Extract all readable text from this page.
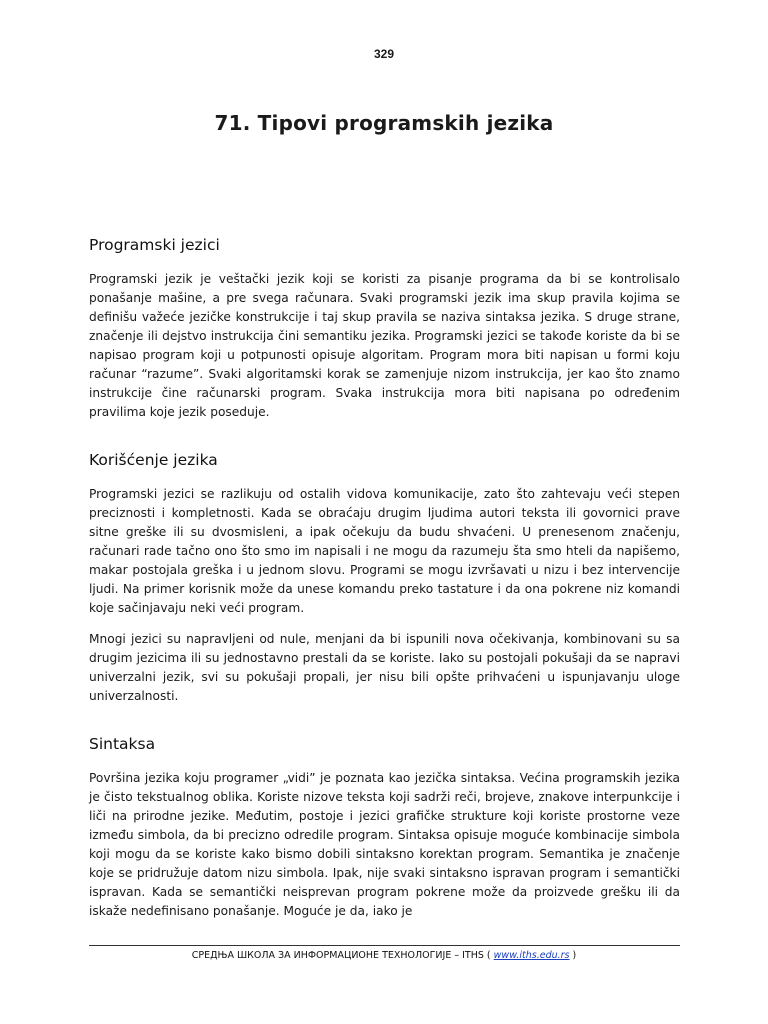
329
71. Tipovi programskih jezika
Programski jezici

Programski jezik je veštački jezik koji se koristi za pisanje programa da bi se kontrolisalo ponašanje mašine, a pre svega računara. Svaki programski jezik ima skup pravila kojima se definišu važeće jezičke konstrukcije i taj skup pravila se naziva sintaksa jezika. S druge strane, značenje ili dejstvo instrukcija čini semantiku jezika. Programski jezici se takođe koriste da bi se napisao program koji u potpunosti opisuje algoritam. Program mora biti napisan u formi koju računar “razume”. Svaki algoritamski korak se zamenjuje nizom instrukcija, jer kao što znamo instrukcije čine računarski program. Svaka instrukcija mora biti napisana po određenim pravilima koje jezik poseduje.

Korišćenje jezika

Programski jezici se razlikuju od ostalih vidova komunikacije, zato što zahtevaju veći stepen preciznosti i kompletnosti. Kada se obraćaju drugim ljudima autori teksta ili govornici prave sitne greške ili su dvosmisleni, a ipak očekuju da budu shvaćeni. U prenesenom značenju, računari rade tačno ono što smo im napisali i ne mogu da razumeju šta smo hteli da napišemo, makar postojala greška i u jednom slovu. Programi se mogu izvršavati u nizu i bez intervencije ljudi. Na primer korisnik može da unese komandu preko tastature i da ona pokrene niz komandi koje sačinjavaju neki veći program.

Mnogi jezici su napravljeni od nule, menjani da bi ispunili nova očekivanja, kombinovani su sa drugim jezicima ili su jednostavno prestali da se koriste. Iako su postojali pokušaji da se napravi univerzalni jezik, svi su pokušaji propali, jer nisu bili opšte prihvaćeni u ispunjavanju uloge univerzalnosti.

Sintaksa

Površina jezika koju programer „vidi” je poznata kao jezička sintaksa. Većina programskih jezika je čisto tekstualnog oblika. Koriste nizove teksta koji sadrži reči, brojeve, znakove interpunkcije i liči na prirodne jezike. Međutim, postoje i jezici grafičke strukture koji koriste prostorne veze između simbola, da bi precizno odredile program. Sintaksa opisuje moguće kombinacije simbola koji mogu da se koriste kako bismo dobili sintaksno korektan program. Semantika je značenje koje se pridružuje datom nizu simbola. Ipak, nije svaki sintaksno ispravan program i semantički ispravan. Kada se semantički neisprevan program pokrene može da proizvede grešku ili da iskaže nedefinisano ponašanje. Moguće je da, iako je

СРЕДЊА ШКОЛА ЗА ИНФОРМАЦИОНЕ ТЕХНОЛОГИЈЕ – ITHS ( www.iths.edu.rs )
